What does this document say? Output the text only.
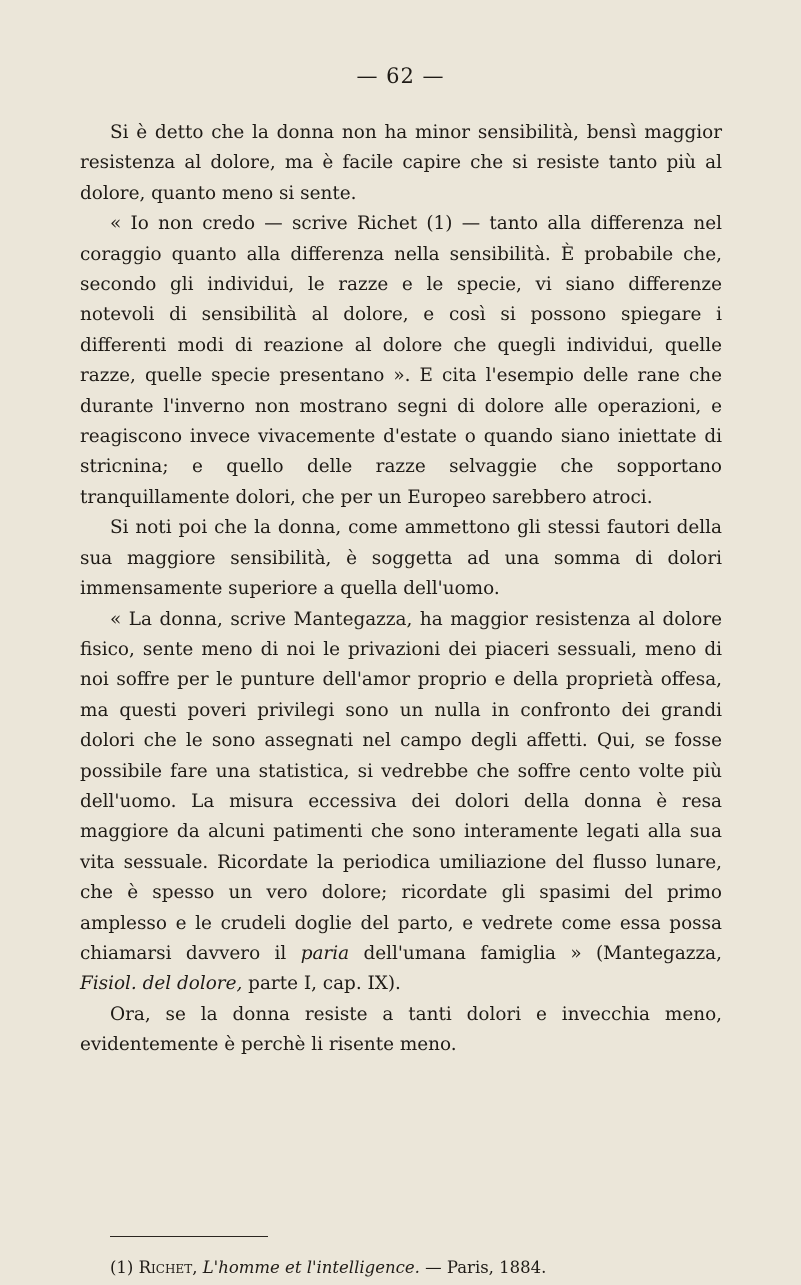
— 62 —

Si è detto che la donna non ha minor sensibilità, bensì maggior resistenza al dolore, ma è facile capire che si resiste tanto più al dolore, quanto meno si sente.

« Io non credo — scrive Richet (1) — tanto alla differenza nel coraggio quanto alla differenza nella sensibilità. È probabile che, secondo gli individui, le razze e le specie, vi siano differenze notevoli di sensibilità al dolore, e così si possono spiegare i differenti modi di reazione al dolore che quegli individui, quelle razze, quelle specie presentano ». E cita l'esempio delle rane che durante l'inverno non mostrano segni di dolore alle operazioni, e reagiscono invece vivacemente d'estate o quando siano iniettate di stricnina; e quello delle razze selvaggie che sopportano tranquillamente dolori, che per un Europeo sarebbero atroci.

Si noti poi che la donna, come ammettono gli stessi fautori della sua maggiore sensibilità, è soggetta ad una somma di dolori immensamente superiore a quella dell'uomo.

« La donna, scrive Mantegazza, ha maggior resistenza al dolore fisico, sente meno di noi le privazioni dei piaceri sessuali, meno di noi soffre per le punture dell'amor proprio e della proprietà offesa, ma questi poveri privilegi sono un nulla in confronto dei grandi dolori che le sono assegnati nel campo degli affetti. Qui, se fosse possibile fare una statistica, si vedrebbe che soffre cento volte più dell'uomo. La misura eccessiva dei dolori della donna è resa maggiore da alcuni patimenti che sono interamente legati alla sua vita sessuale. Ricordate la periodica umiliazione del flusso lunare, che è spesso un vero dolore; ricordate gli spasimi del primo amplesso e le crudeli doglie del parto, e vedrete come essa possa chiamarsi davvero il paria dell'umana famiglia » (Mantegazza, Fisiol. del dolore, parte I, cap. IX).

Ora, se la donna resiste a tanti dolori e invecchia meno, evidentemente è perchè li risente meno.

(1) Richet, L'homme et l'intelligence. — Paris, 1884.
